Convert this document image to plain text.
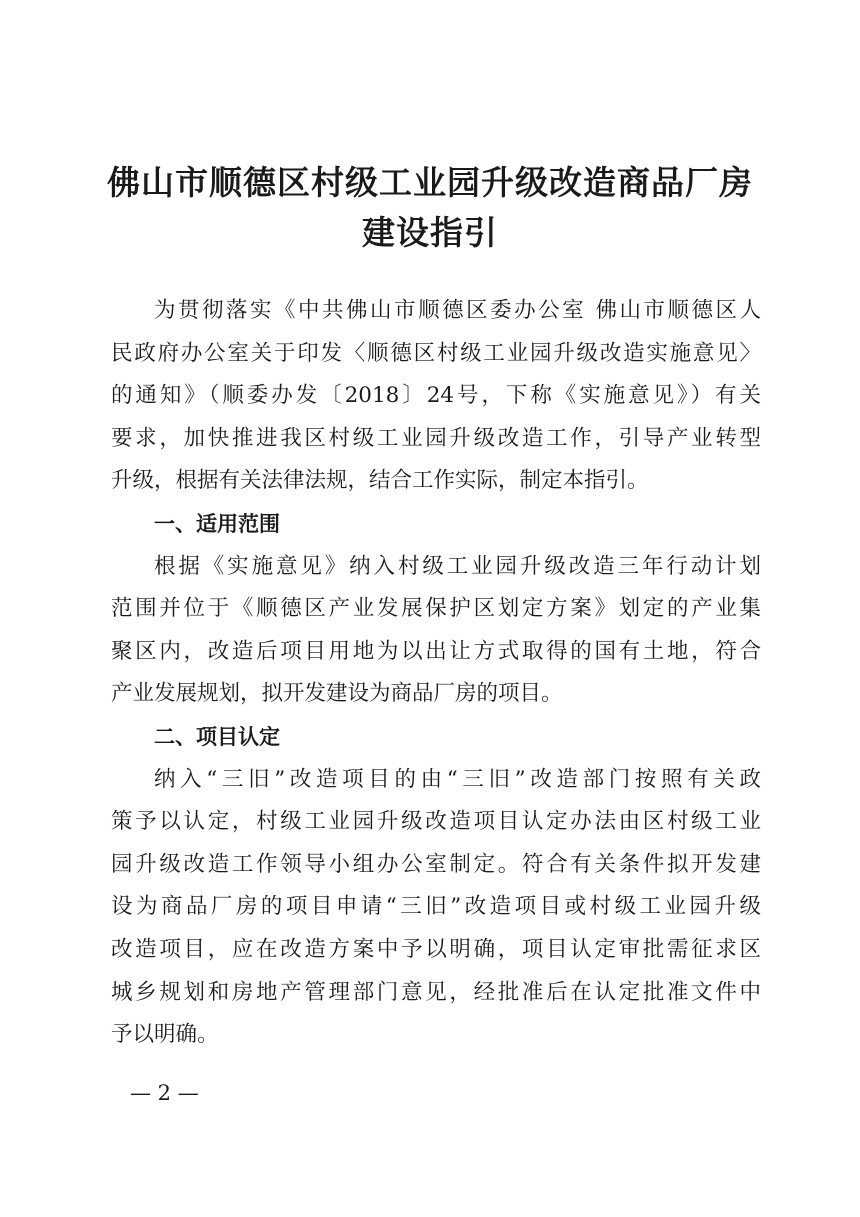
佛山市顺德区村级工业园升级改造商品厂房
建设指引
为贯彻落实《中共佛山市顺德区委办公室 佛山市顺德区人
民政府办公室关于印发〈顺德区村级工业园升级改造实施意见〉
的通知》（顺委办发〔2018〕24号，下称《实施意见》）有关
要求，加快推进我区村级工业园升级改造工作，引导产业转型
升级，根据有关法律法规，结合工作实际，制定本指引。
一、适用范围
根据《实施意见》纳入村级工业园升级改造三年行动计划
范围并位于《顺德区产业发展保护区划定方案》划定的产业集
聚区内，改造后项目用地为以出让方式取得的国有土地，符合
产业发展规划，拟开发建设为商品厂房的项目。
二、项目认定
纳入“三旧”改造项目的由“三旧”改造部门按照有关政
策予以认定，村级工业园升级改造项目认定办法由区村级工业
园升级改造工作领导小组办公室制定。符合有关条件拟开发建
设为商品厂房的项目申请“三旧”改造项目或村级工业园升级
改造项目，应在改造方案中予以明确，项目认定审批需征求区
城乡规划和房地产管理部门意见，经批准后在认定批准文件中
予以明确。
— 2 —
